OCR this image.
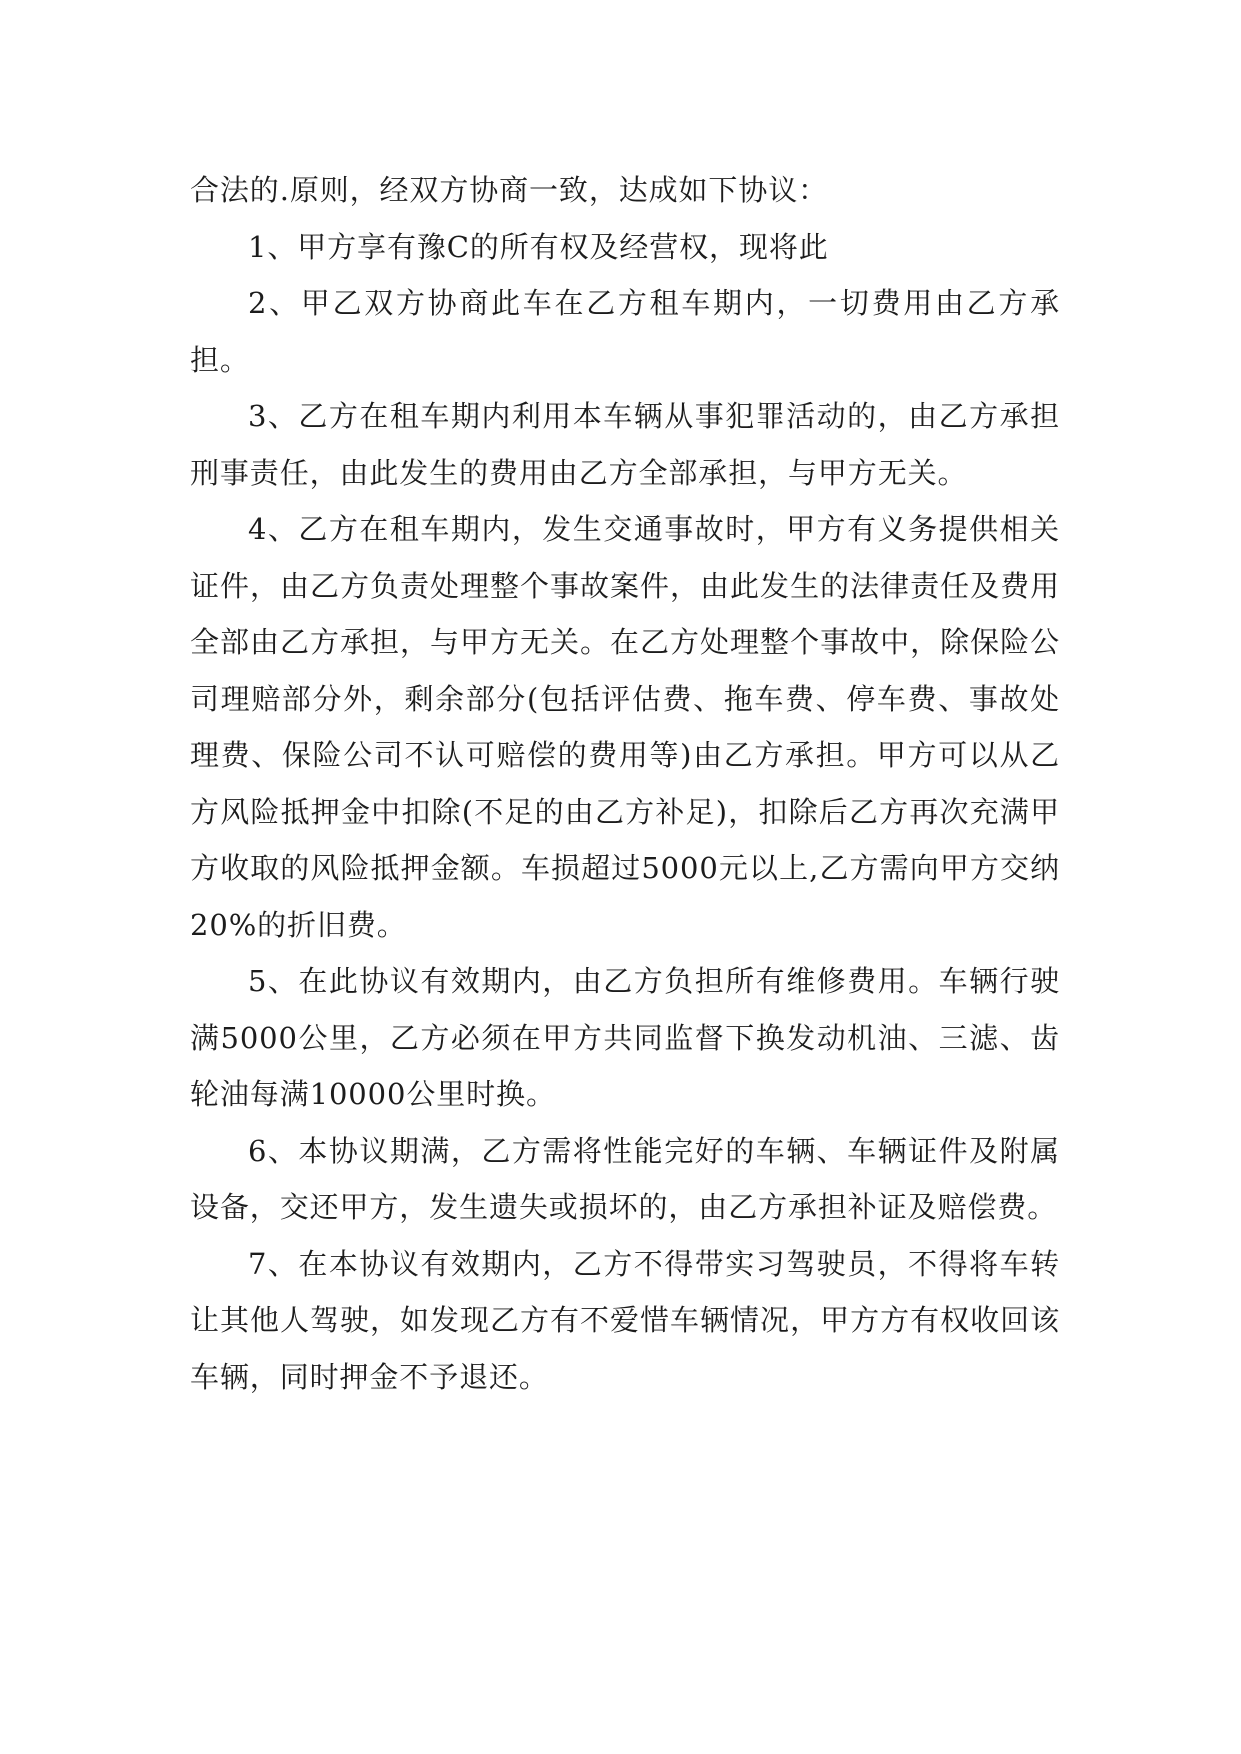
合法的.原则，经双方协商一致，达成如下协议：

1、甲方享有豫C的所有权及经营权，现将此

2、甲乙双方协商此车在乙方租车期内，一切费用由乙方承担。

3、乙方在租车期内利用本车辆从事犯罪活动的，由乙方承担刑事责任，由此发生的费用由乙方全部承担，与甲方无关。

4、乙方在租车期内，发生交通事故时，甲方有义务提供相关证件，由乙方负责处理整个事故案件，由此发生的法律责任及费用全部由乙方承担，与甲方无关。在乙方处理整个事故中，除保险公司理赔部分外，剩余部分(包括评估费、拖车费、停车费、事故处理费、保险公司不认可赔偿的费用等)由乙方承担。甲方可以从乙方风险抵押金中扣除(不足的由乙方补足)，扣除后乙方再次充满甲方收取的风险抵押金额。车损超过5000元以上,乙方需向甲方交纳20%的折旧费。

5、在此协议有效期内，由乙方负担所有维修费用。车辆行驶满5000公里，乙方必须在甲方共同监督下换发动机油、三滤、齿轮油每满10000公里时换。

6、本协议期满，乙方需将性能完好的车辆、车辆证件及附属设备，交还甲方，发生遗失或损坏的，由乙方承担补证及赔偿费。

7、在本协议有效期内，乙方不得带实习驾驶员，不得将车转让其他人驾驶，如发现乙方有不爱惜车辆情况，甲方方有权收回该车辆，同时押金不予退还。
